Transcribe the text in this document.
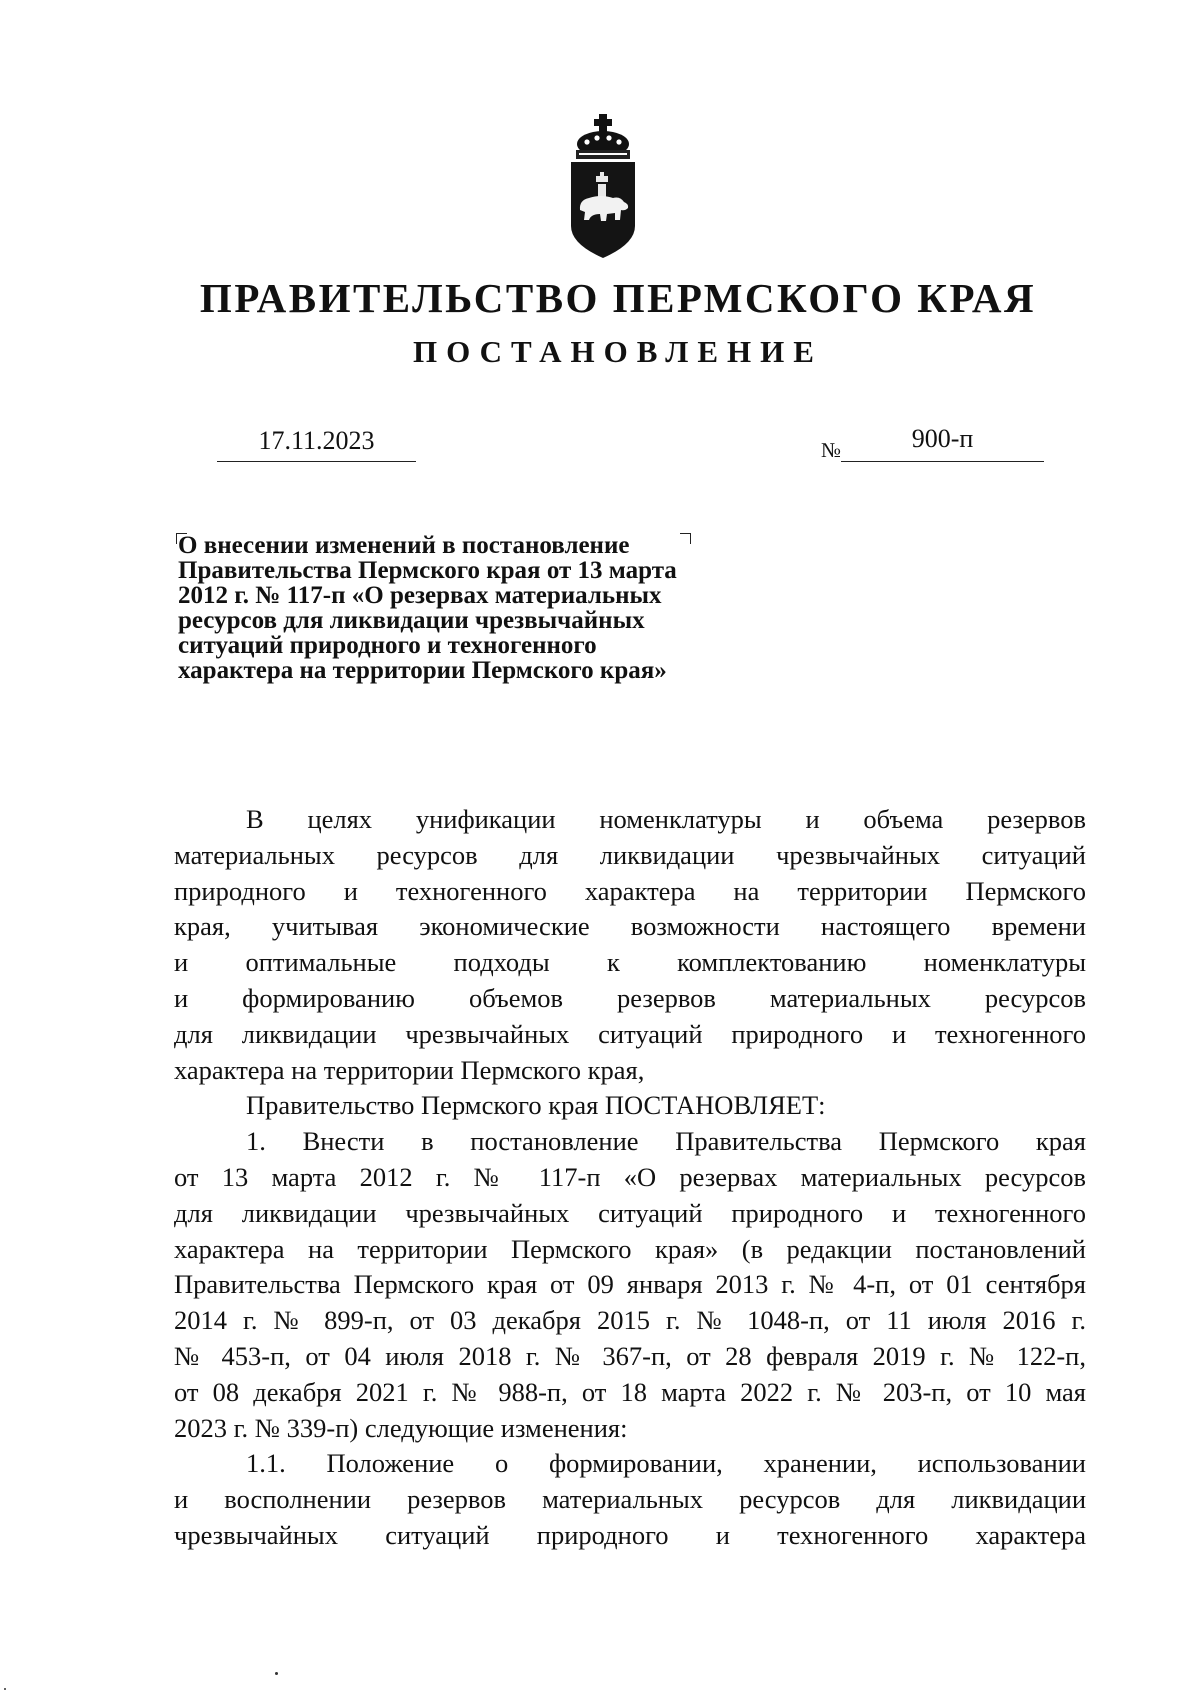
ПРАВИТЕЛЬСТВО ПЕРМСКОГО КРАЯ
ПОСТАНОВЛЕНИЕ
17.11.2023	№	900-п
О внесении изменений в постановление
Правительства Пермского края от 13 марта
2012 г. № 117-п «О резервах материальных
ресурсов для ликвидации чрезвычайных
ситуаций природного и техногенного
характера на территории Пермского края»

В целях унификации номенклатуры и объема резервов

материальных ресурсов для ликвидации чрезвычайных ситуаций

природного и техногенного характера на территории Пермского

края, учитывая экономические возможности настоящего времени

и оптимальные подходы к комплектованию номенклатуры

и формированию объемов резервов материальных ресурсов

для ликвидации чрезвычайных ситуаций природного и техногенного

характера на территории Пермского края,

Правительство Пермского края ПОСТАНОВЛЯЕТ:

1. Внести в постановление Правительства Пермского края

от 13 марта 2012 г. № 117-п «О резервах материальных ресурсов

для ликвидации чрезвычайных ситуаций природного и техногенного

характера на территории Пермского края» (в редакции постановлений

Правительства Пермского края от 09 января 2013 г. № 4-п, от 01 сентября

2014 г. № 899-п, от 03 декабря 2015 г. № 1048-п, от 11 июля 2016 г.

№ 453-п, от 04 июля 2018 г. № 367-п, от 28 февраля 2019 г. № 122-п,

от 08 декабря 2021 г. № 988-п, от 18 марта 2022 г. № 203-п, от 10 мая

2023 г. № 339-п) следующие изменения:

1.1. Положение о формировании, хранении, использовании

и восполнении резервов материальных ресурсов для ликвидации

чрезвычайных ситуаций природного и техногенного характера
